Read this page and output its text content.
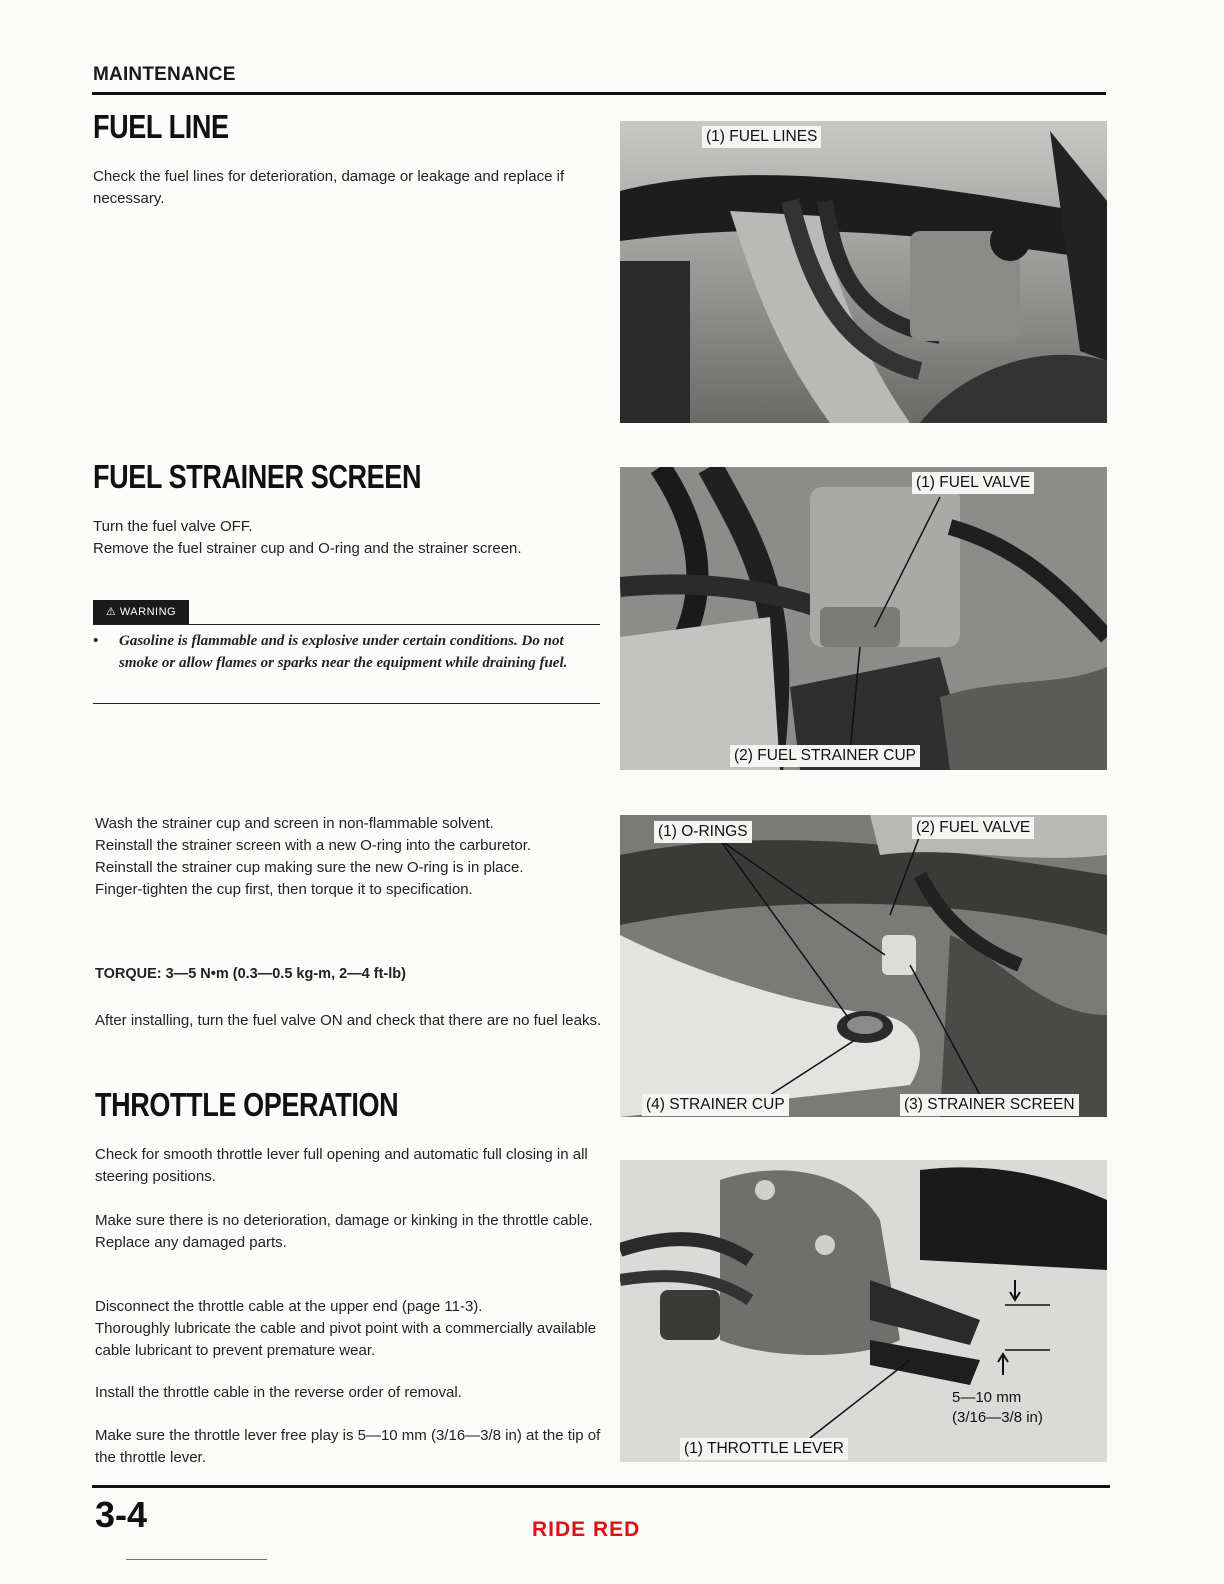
MAINTENANCE
FUEL LINE
Check the fuel lines for deterioration, damage or leakage and replace if necessary.
(1) FUEL LINES
FUEL STRAINER SCREEN

Turn the fuel valve OFF.

Remove the fuel strainer cup and O-ring and the strainer screen.

⚠ WARNING
• Gasoline is flammable and is explosive under certain conditions. Do not smoke or allow flames or sparks near the equipment while draining fuel.
(1) FUEL VALVE
(2) FUEL STRAINER CUP

Wash the strainer cup and screen in non-flammable solvent.

Reinstall the strainer screen with a new O-ring into the carburetor.

Reinstall the strainer cup making sure the new O-ring is in place.

Finger-tighten the cup first, then torque it to specification.

TORQUE: 3—5 N•m (0.3—0.5 kg-m, 2—4 ft-lb)
After installing, turn the fuel valve ON and check that there are no fuel leaks.
(1) O-RINGS	(2) FUEL VALVE
(3) STRAINER SCREEN
(4) STRAINER CUP
THROTTLE OPERATION
Check for smooth throttle lever full opening and automatic full closing in all steering positions.

Make sure there is no deterioration, damage or kinking in the throttle cable.

Replace any damaged parts.

Disconnect the throttle cable at the upper end (page 11-3).

Thoroughly lubricate the cable and pivot point with a commercially available cable lubricant to prevent premature wear.

Install the throttle cable in the reverse order of removal.
Make sure the throttle lever free play is 5—10 mm (3/16—3/8 in) at the tip of the throttle lever.
(1) THROTTLE LEVER
5—10 mm
(3/16—3/8 in)
3-4	RIDE RED
